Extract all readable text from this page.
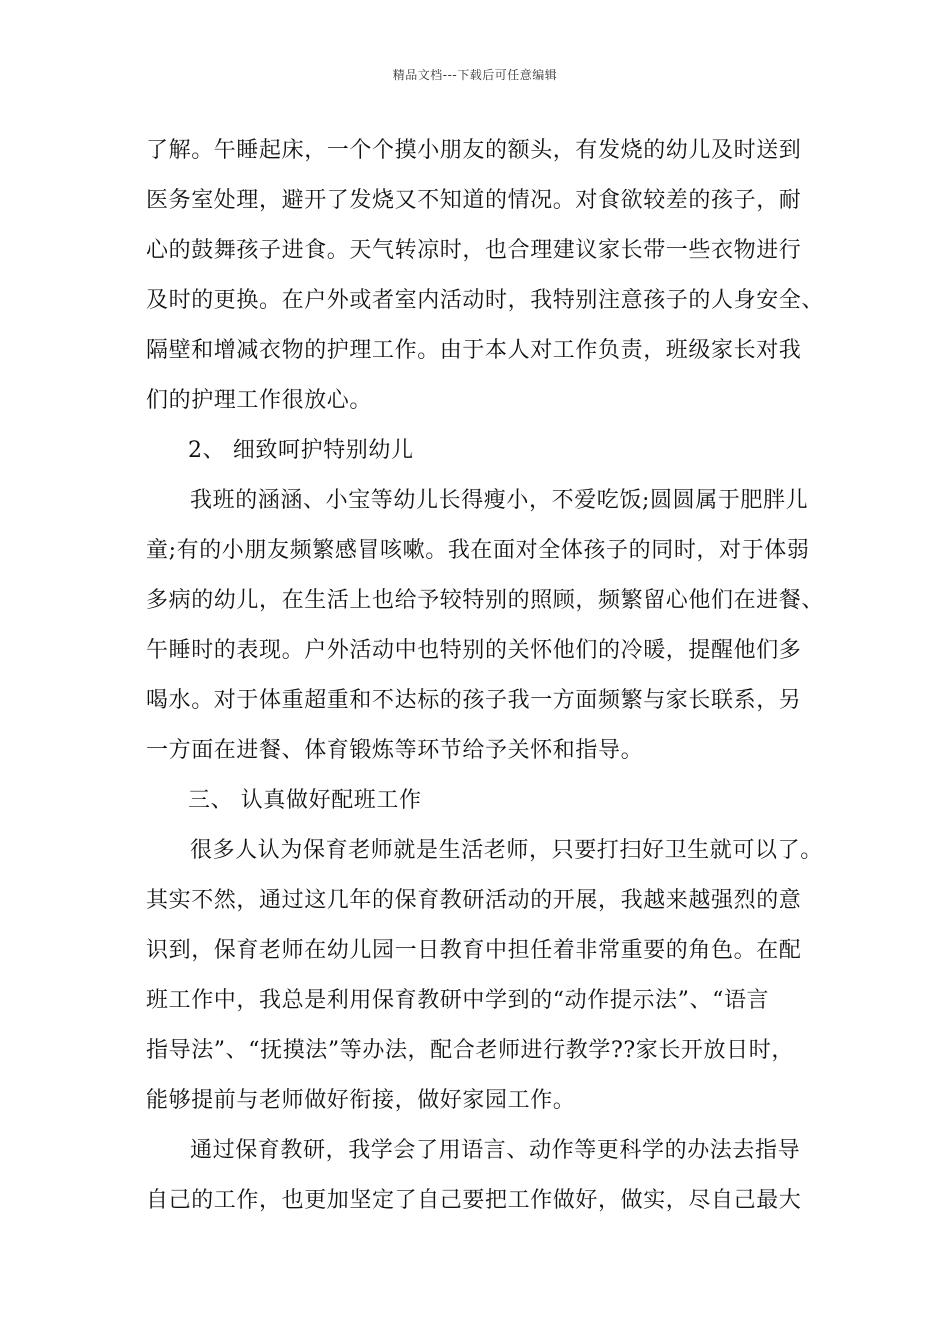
精品文档---下载后可任意编辑
了解。午睡起床，一个个摸小朋友的额头，有发烧的幼儿及时送到
医务室处理，避开了发烧又不知道的情况。对食欲较差的孩子，耐
心的鼓舞孩子进食。天气转凉时，也合理建议家长带一些衣物进行
及时的更换。在户外或者室内活动时，我特别注意孩子的人身安全、
隔壁和增减衣物的护理工作。由于本人对工作负责，班级家长对我
们的护理工作很放心。
2、 细致呵护特别幼儿
我班的涵涵、小宝等幼儿长得瘦小，不爱吃饭;圆圆属于肥胖儿
童;有的小朋友频繁感冒咳嗽。我在面对全体孩子的同时，对于体弱
多病的幼儿，在生活上也给予较特别的照顾，频繁留心他们在进餐、
午睡时的表现。户外活动中也特别的关怀他们的冷暖，提醒他们多
喝水。对于体重超重和不达标的孩子我一方面频繁与家长联系，另
一方面在进餐、体育锻炼等环节给予关怀和指导。
三、 认真做好配班工作
很多人认为保育老师就是生活老师，只要打扫好卫生就可以了。
其实不然，通过这几年的保育教研活动的开展，我越来越强烈的意
识到，保育老师在幼儿园一日教育中担任着非常重要的角色。在配
班工作中，我总是利用保育教研中学到的“动作提示法”、“语言
指导法”、“抚摸法”等办法，配合老师进行教学??家长开放日时，
能够提前与老师做好衔接，做好家园工作。
通过保育教研，我学会了用语言、动作等更科学的办法去指导
自己的工作，也更加坚定了自己要把工作做好，做实，尽自己最大
